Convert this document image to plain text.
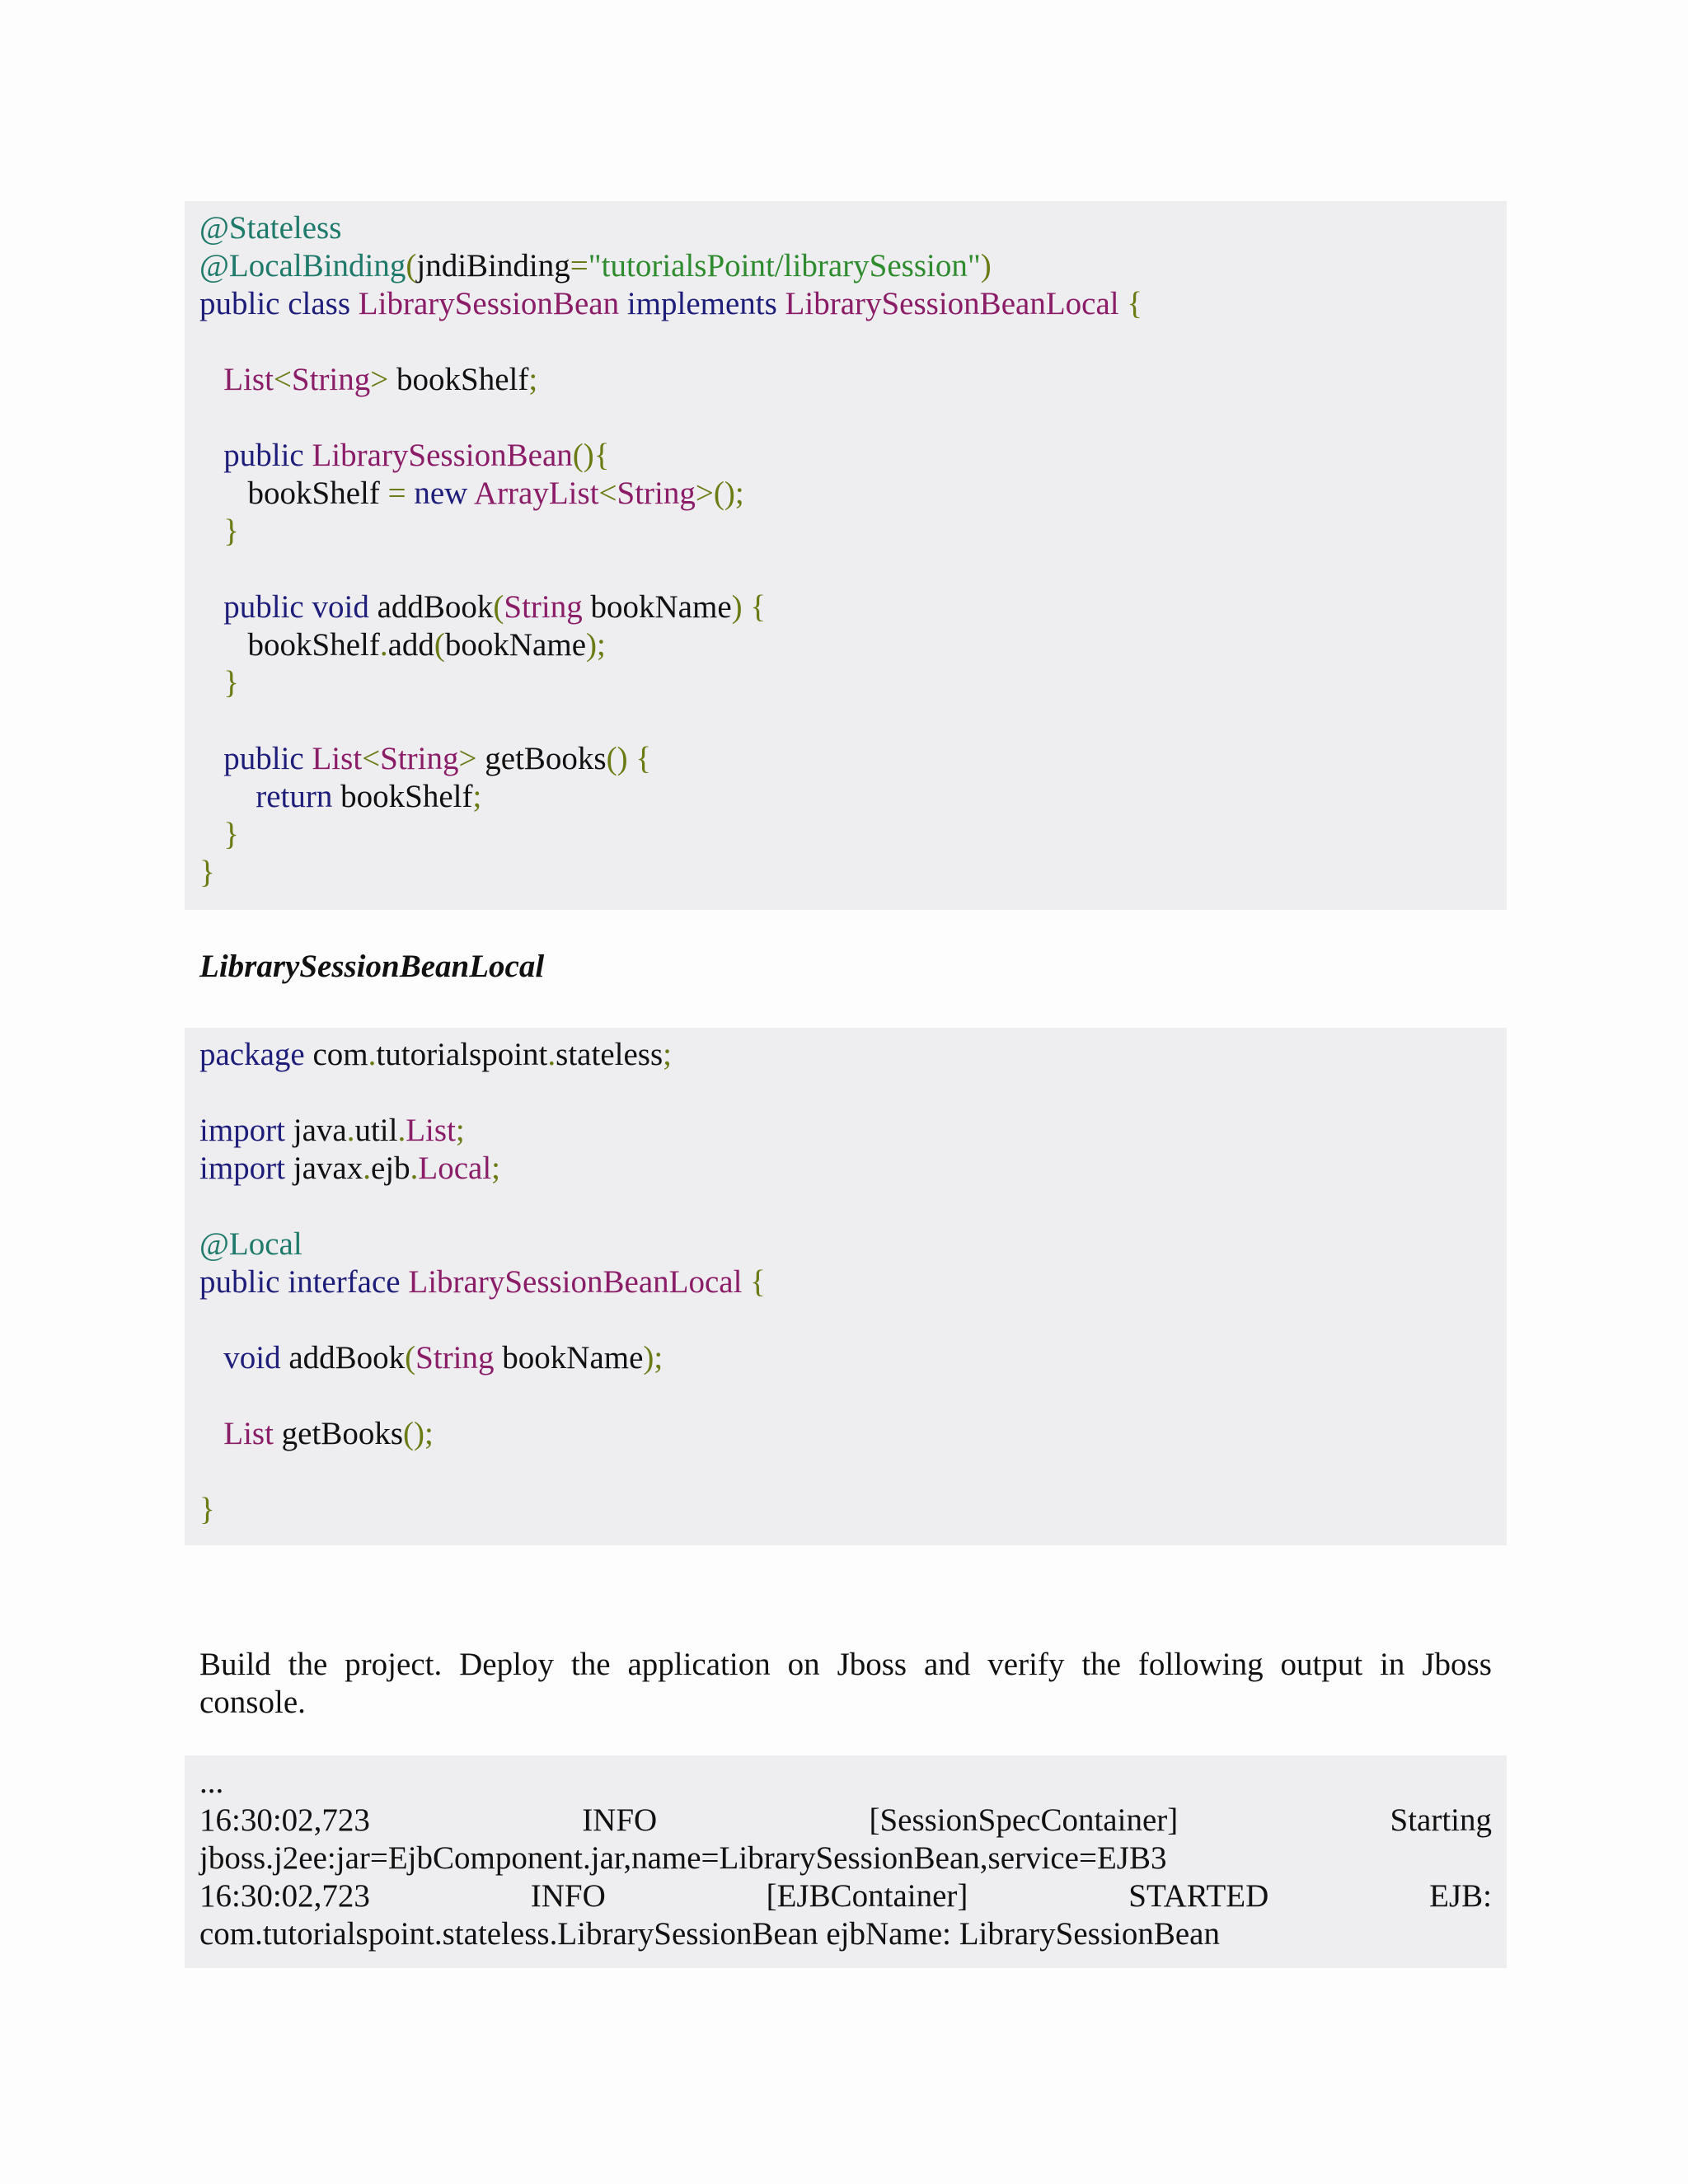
@Stateless
@LocalBinding(jndiBinding="tutorialsPoint/librarySession")
public class LibrarySessionBean implements LibrarySessionBeanLocal {
List<String> bookShelf;
public LibrarySessionBean(){
bookShelf = new ArrayList<String>();
}
public void addBook(String bookName) {
bookShelf.add(bookName);
}
public List<String> getBooks() {
return bookShelf;
}
}
LibrarySessionBeanLocal
package com.tutorialspoint.stateless;
import java.util.List;
import javax.ejb.Local;
@Local
public interface LibrarySessionBeanLocal {
void addBook(String bookName);
List getBooks();
}
Build the project. Deploy the application on Jboss and verify the following output in Jboss
console.
...
16:30:02,723	INFO	[SessionSpecContainer]	Starting
jboss.j2ee:jar=EjbComponent.jar,name=LibrarySessionBean,service=EJB3
16:30:02,723	INFO	[EJBContainer]	STARTED	EJB:
com.tutorialspoint.stateless.LibrarySessionBean ejbName: LibrarySessionBean
